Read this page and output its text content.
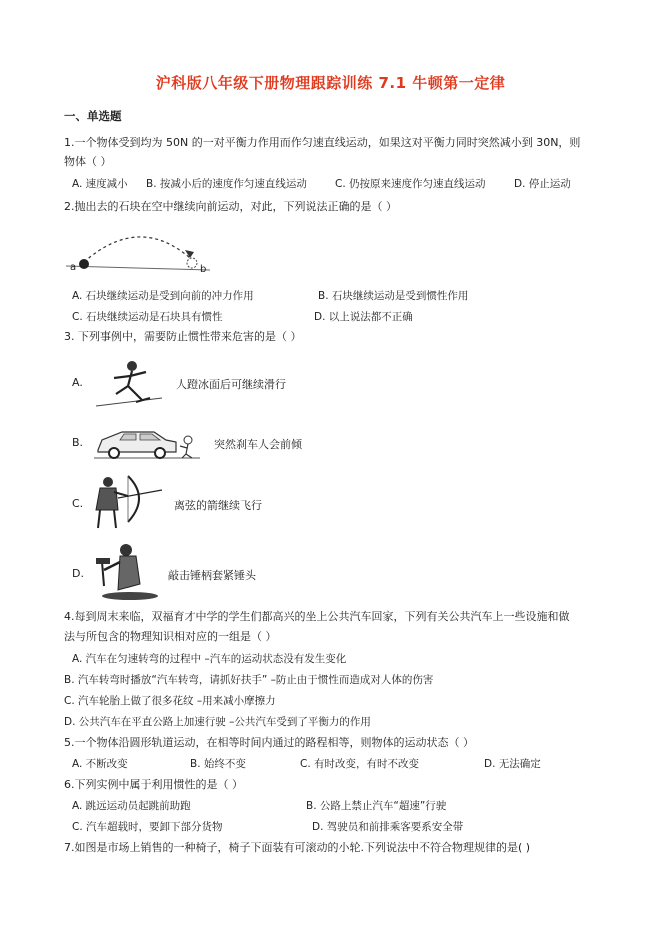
沪科版八年级下册物理跟踪训练 7.1 牛顿第一定律
一、单选题
1.一个物体受到均为 50N 的一对平衡力作用而作匀速直线运动，如果这对平衡力同时突然减小到 30N，则
物体（ ）
A. 速度减小 B. 按减小后的速度作匀速直线运动	C. 仍按原来速度作匀速直线运动	D. 停止运动
2.抛出去的石块在空中继续向前运动，对此，下列说法正确的是（ ）
a	b
A. 石块继续运动是受到向前的冲力作用	B. 石块继续运动是受到惯性作用
C. 石块继续运动是石块具有惯性	D. 以上说法都不正确
3. 下列事例中，需要防止惯性带来危害的是（ ）
A.	人蹬冰面后可继续滑行
B.	突然刹车人会前倾
C.	离弦的箭继续飞行
D.	敲击锤柄套紧锤头
4.每到周末来临，双福育才中学的学生们都高兴的坐上公共汽车回家，下列有关公共汽车上一些设施和做
法与所包含的物理知识相对应的一组是（ ）
A. 汽车在匀速转弯的过程中 –汽车的运动状态没有发生变化
B. 汽车转弯时播放“汽车转弯，请抓好扶手” –防止由于惯性而造成对人体的伤害
C. 汽车轮胎上做了很多花纹 –用来减小摩擦力
D. 公共汽车在平直公路上加速行驶 –公共汽车受到了平衡力的作用
5.一个物体沿圆形轨道运动，在相等时间内通过的路程相等，则物体的运动状态（ ）
A. 不断改变	B. 始终不变	C. 有时改变，有时不改变	D. 无法确定
6.下列实例中属于利用惯性的是（ ）
A. 跳远运动员起跳前助跑	B. 公路上禁止汽车“超速”行驶
C. 汽车超载时，要卸下部分货物	D. 驾驶员和前排乘客要系安全带
7.如图是市场上销售的一种椅子，椅子下面装有可滚动的小轮.下列说法中不符合物理规律的是( )
